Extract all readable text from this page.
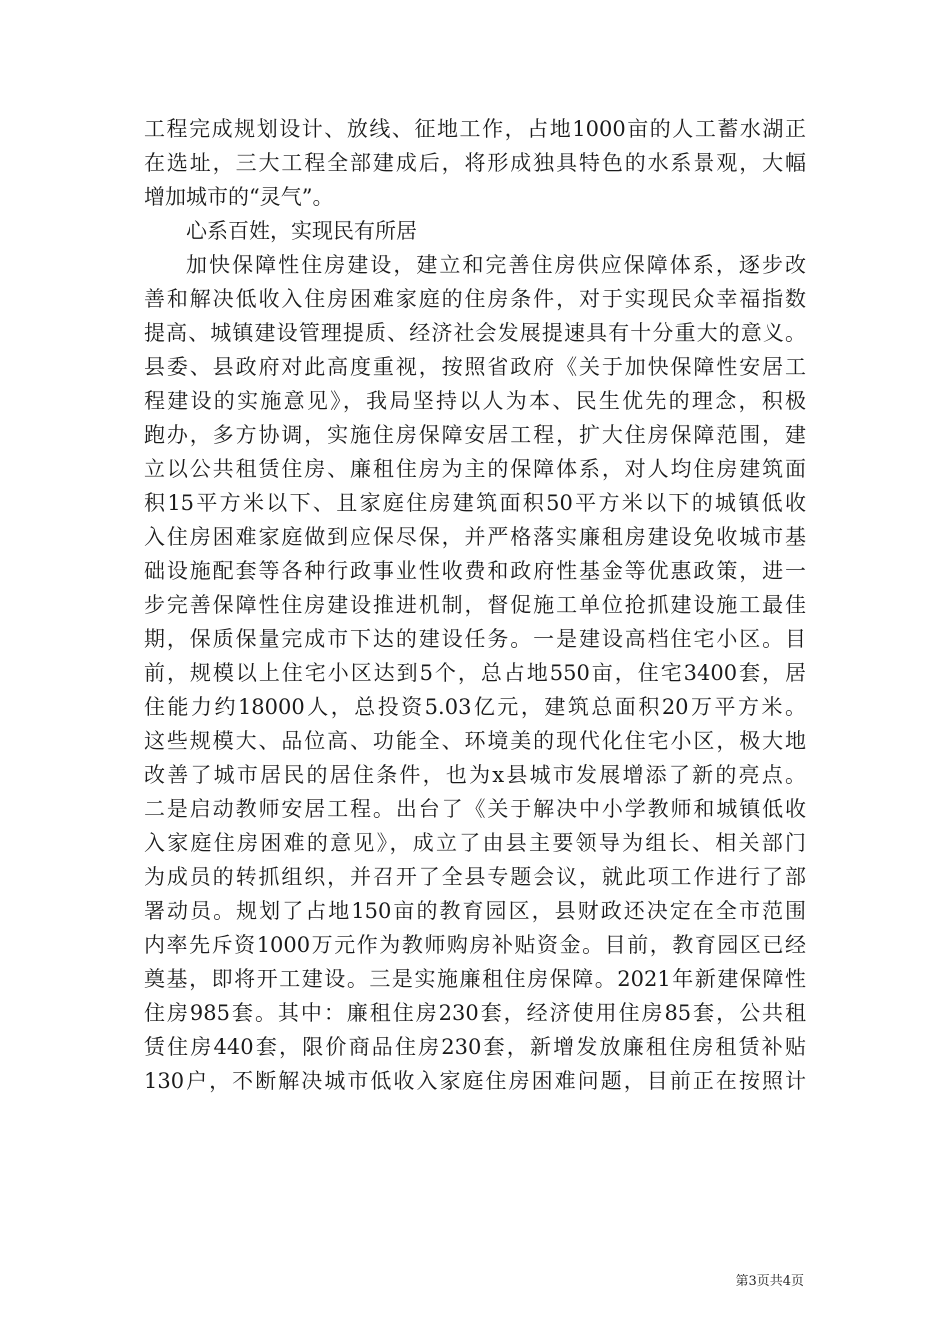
工程完成规划设计、放线、征地工作，占地1000亩的人工蓄水湖正
在选址，三大工程全部建成后，将形成独具特色的水系景观，大幅
增加城市的“灵气”。
心系百姓，实现民有所居
加快保障性住房建设，建立和完善住房供应保障体系，逐步改
善和解决低收入住房困难家庭的住房条件，对于实现民众幸福指数
提高、城镇建设管理提质、经济社会发展提速具有十分重大的意义。
县委、县政府对此高度重视，按照省政府《关于加快保障性安居工
程建设的实施意见》，我局坚持以人为本、民生优先的理念，积极
跑办，多方协调，实施住房保障安居工程，扩大住房保障范围，建
立以公共租赁住房、廉租住房为主的保障体系，对人均住房建筑面
积15平方米以下、且家庭住房建筑面积50平方米以下的城镇低收
入住房困难家庭做到应保尽保，并严格落实廉租房建设免收城市基
础设施配套等各种行政事业性收费和政府性基金等优惠政策，进一
步完善保障性住房建设推进机制，督促施工单位抢抓建设施工最佳
期，保质保量完成市下达的建设任务。一是建设高档住宅小区。目
前，规模以上住宅小区达到5个，总占地550亩，住宅3400套，居
住能力约18000人，总投资5.03亿元，建筑总面积20万平方米。
这些规模大、品位高、功能全、环境美的现代化住宅小区，极大地
改善了城市居民的居住条件，也为x县城市发展增添了新的亮点。
二是启动教师安居工程。出台了《关于解决中小学教师和城镇低收
入家庭住房困难的意见》，成立了由县主要领导为组长、相关部门
为成员的转抓组织，并召开了全县专题会议，就此项工作进行了部
署动员。规划了占地150亩的教育园区，县财政还决定在全市范围
内率先斥资1000万元作为教师购房补贴资金。目前，教育园区已经
奠基，即将开工建设。三是实施廉租住房保障。2021年新建保障性
住房985套。其中：廉租住房230套，经济使用住房85套，公共租
赁住房440套，限价商品住房230套，新增发放廉租住房租赁补贴
130户，不断解决城市低收入家庭住房困难问题，目前正在按照计
第3页共4页
